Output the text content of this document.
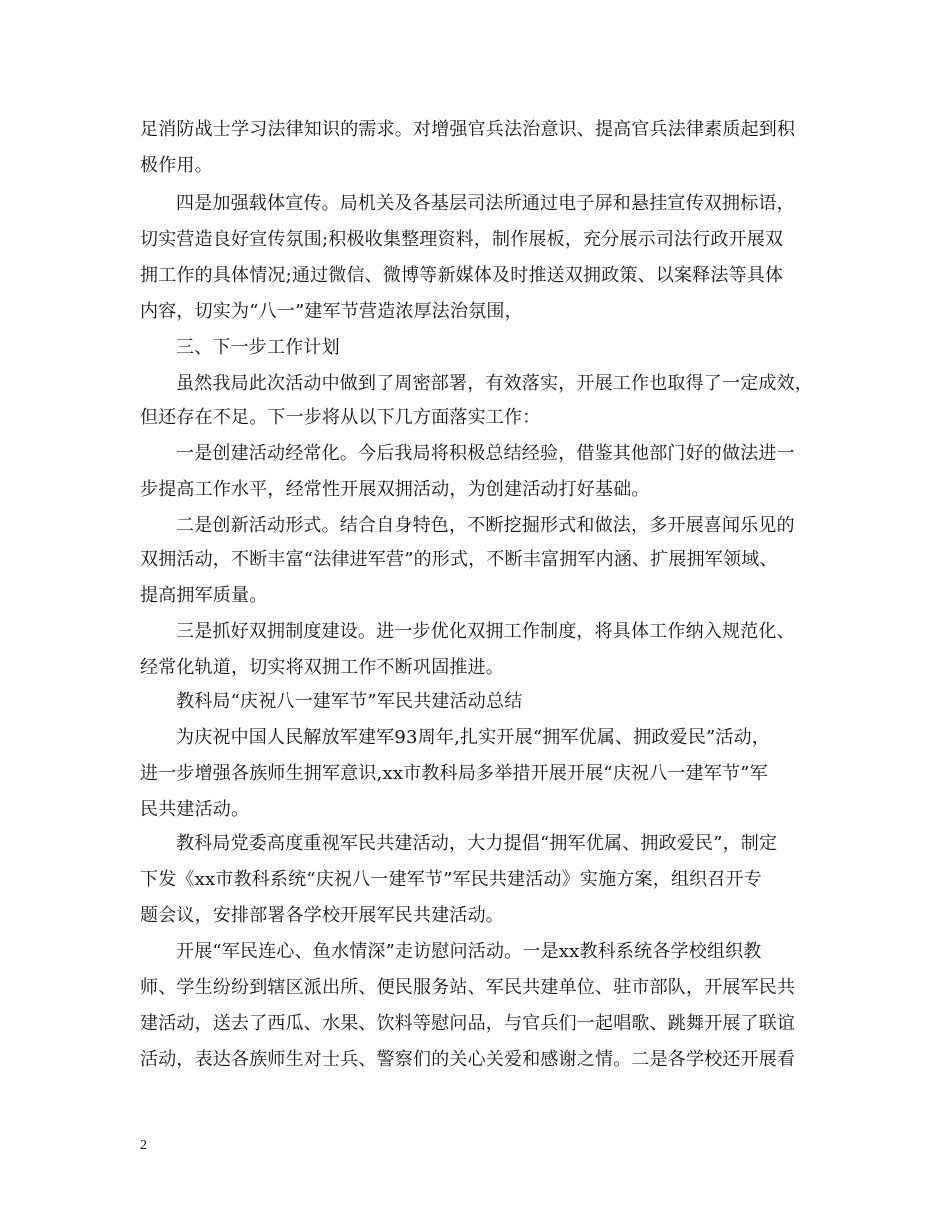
足消防战士学习法律知识的需求。对增强官兵法治意识、提高官兵法律素质起到积
极作用。
四是加强载体宣传。局机关及各基层司法所通过电子屏和悬挂宣传双拥标语，
切实营造良好宣传氛围;积极收集整理资料，制作展板，充分展示司法行政开展双
拥工作的具体情况;通过微信、微博等新媒体及时推送双拥政策、以案释法等具体
内容，切实为“八一”建军节营造浓厚法治氛围，
三、下一步工作计划
虽然我局此次活动中做到了周密部署，有效落实，开展工作也取得了一定成效，
但还存在不足。下一步将从以下几方面落实工作：
一是创建活动经常化。今后我局将积极总结经验，借鉴其他部门好的做法进一
步提高工作水平，经常性开展双拥活动，为创建活动打好基础。
二是创新活动形式。结合自身特色，不断挖掘形式和做法，多开展喜闻乐见的
双拥活动，不断丰富“法律进军营”的形式，不断丰富拥军内涵、扩展拥军领域、
提高拥军质量。
三是抓好双拥制度建设。进一步优化双拥工作制度，将具体工作纳入规范化、
经常化轨道，切实将双拥工作不断巩固推进。
教科局“庆祝八一建军节”军民共建活动总结
为庆祝中国人民解放军建军93周年,扎实开展“拥军优属、拥政爱民”活动，
进一步增强各族师生拥军意识,xx市教科局多举措开展开展“庆祝八一建军节”军
民共建活动。
教科局党委高度重视军民共建活动，大力提倡“拥军优属、拥政爱民”，制定
下发《xx市教科系统“庆祝八一建军节”军民共建活动》实施方案，组织召开专
题会议，安排部署各学校开展军民共建活动。
开展“军民连心、鱼水情深”走访慰问活动。一是xx教科系统各学校组织教
师、学生纷纷到辖区派出所、便民服务站、军民共建单位、驻市部队，开展军民共
建活动，送去了西瓜、水果、饮料等慰问品，与官兵们一起唱歌、跳舞开展了联谊
活动，表达各族师生对士兵、警察们的关心关爱和感谢之情。二是各学校还开展看
2
